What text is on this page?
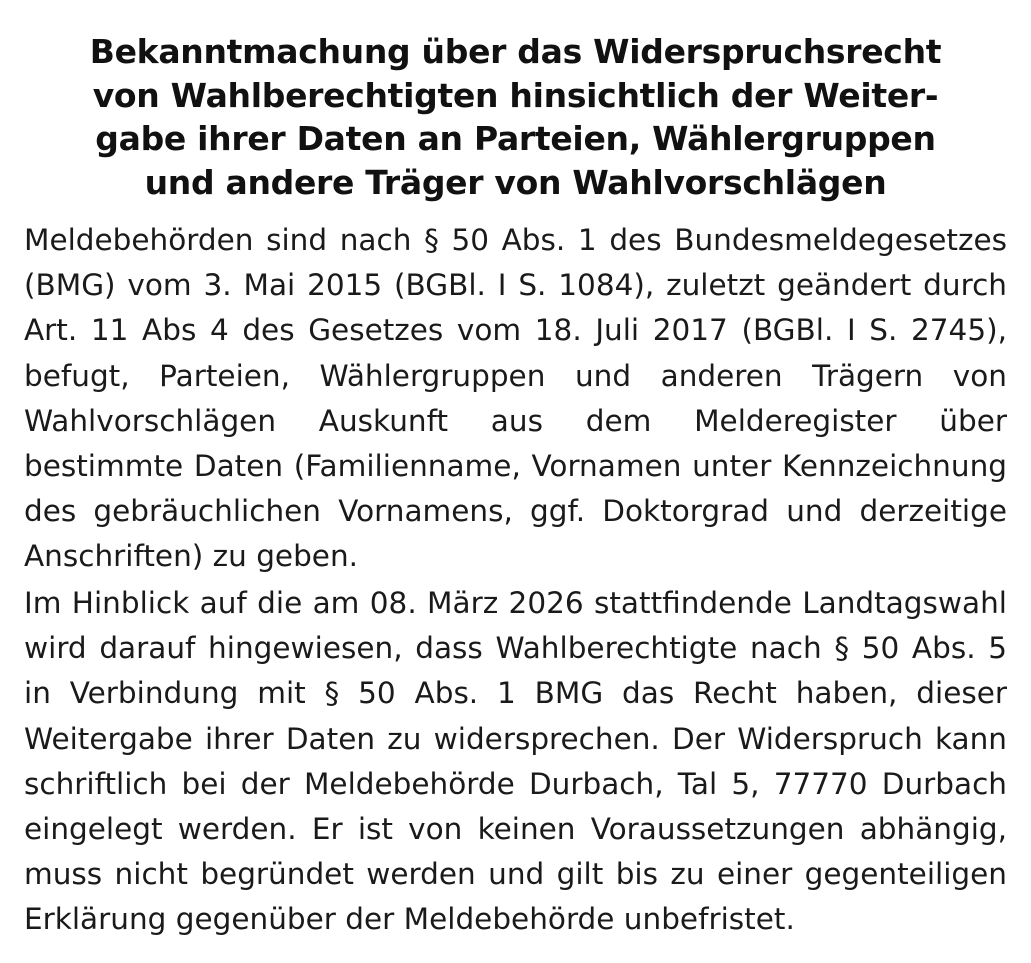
Bekanntmachung über das Widerspruchsrecht
von Wahlberechtigten hinsichtlich der Weiter-
gabe ihrer Daten an Parteien, Wählergruppen
und andere Träger von Wahlvorschlägen

Meldebehörden sind nach § 50 Abs. 1 des Bundesmeldegesetzes (BMG) vom 3. Mai 2015 (BGBl. I S. 1084), zuletzt geändert durch Art. 11 Abs 4 des Gesetzes vom 18. Juli 2017 (BGBl. I S. 2745), befugt, Parteien, Wählergruppen und anderen Trägern von Wahlvorschlägen Auskunft aus dem Melderegister über bestimmte Daten (Familienname, Vornamen unter Kennzeichnung des gebräuchlichen Vornamens, ggf. Doktorgrad und derzeitige Anschriften) zu geben.

Im Hinblick auf die am 08. März 2026 stattfindende Landtagswahl wird darauf hingewiesen, dass Wahlberechtigte nach § 50 Abs. 5 in Verbindung mit § 50 Abs. 1 BMG das Recht haben, dieser Weitergabe ihrer Daten zu widersprechen. Der Widerspruch kann schriftlich bei der Meldebehörde Durbach, Tal 5, 77770 Durbach eingelegt werden. Er ist von keinen Voraussetzungen abhängig, muss nicht begründet werden und gilt bis zu einer gegenteiligen Erklärung gegenüber der Meldebehörde unbefristet.
